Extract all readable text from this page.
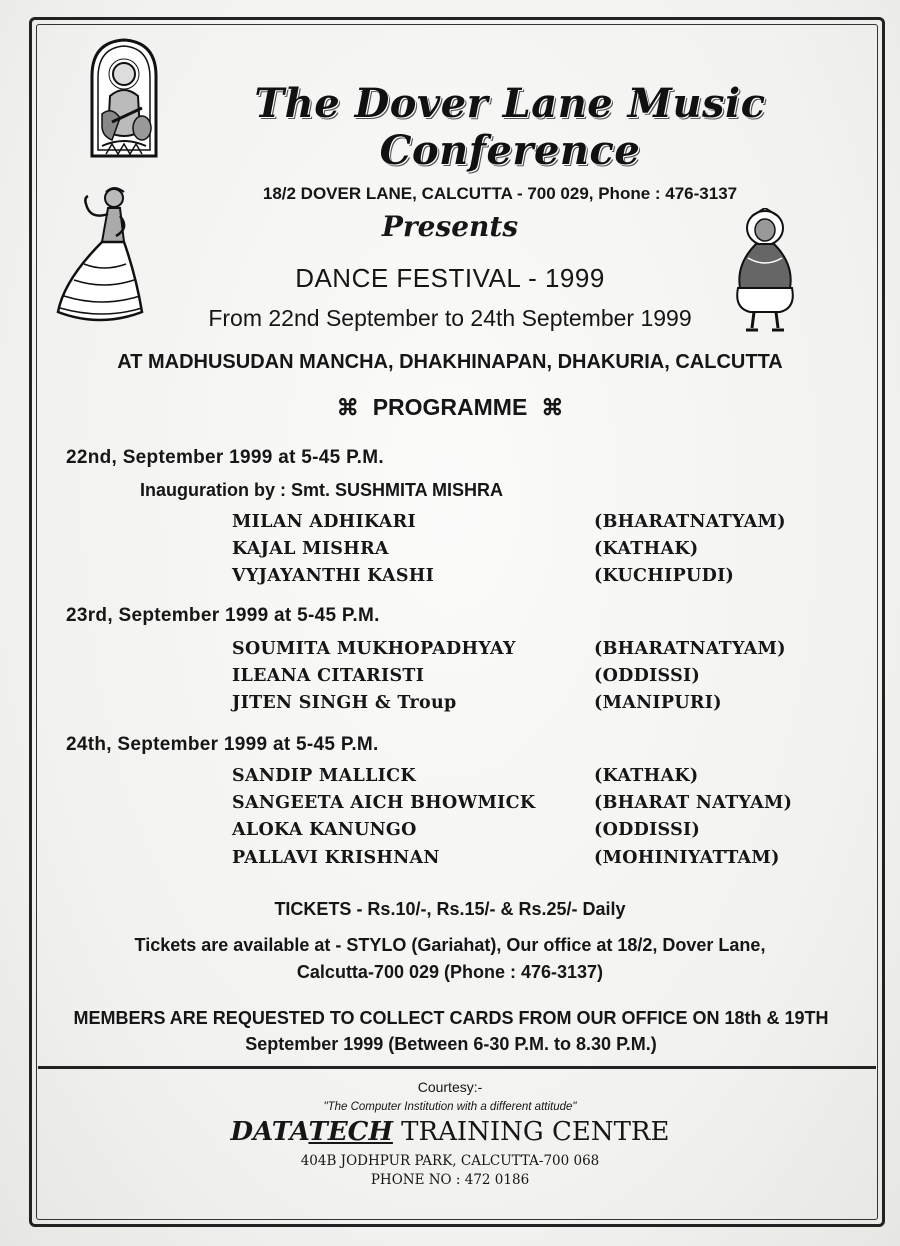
The Dover Lane Music Conference
18/2 DOVER LANE, CALCUTTA - 700 029, Phone : 476-3137
Presents
DANCE FESTIVAL - 1999
From 22nd September to 24th September 1999
AT MADHUSUDAN MANCHA, DHAKHINAPAN, DHAKURIA, CALCUTTA
⌘ PROGRAMME ⌘
22nd, September 1999 at 5-45 P.M.
Inauguration by : Smt. SUSHMITA MISHRA
MILAN ADHIKARI	(BHARATNATYAM)
KAJAL MISHRA	(KATHAK)
VYJAYANTHI KASHI	(KUCHIPUDI)
23rd, September 1999 at 5-45 P.M.
SOUMITA MUKHOPADHYAY	(BHARATNATYAM)
ILEANA CITARISTI	(ODDISSI)
JITEN SINGH & Troup	(MANIPURI)
24th, September 1999 at 5-45 P.M.
SANDIP MALLICK	(KATHAK)
SANGEETA AICH BHOWMICK	(BHARAT NATYAM)
ALOKA KANUNGO	(ODDISSI)
PALLAVI KRISHNAN	(MOHINIYATTAM)
TICKETS - Rs.10/-, Rs.15/- & Rs.25/- Daily
Tickets are available at - STYLO (Gariahat), Our office at 18/2, Dover Lane,
Calcutta-700 029 (Phone : 476-3137)
MEMBERS ARE REQUESTED TO COLLECT CARDS FROM OUR OFFICE ON 18th & 19TH
September 1999 (Between 6-30 P.M. to 8.30 P.M.)
Courtesy:-
"The Computer Institution with a different attitude"
DATATECH TRAINING CENTRE
404B JODHPUR PARK, CALCUTTA-700 068
PHONE NO : 472 0186
